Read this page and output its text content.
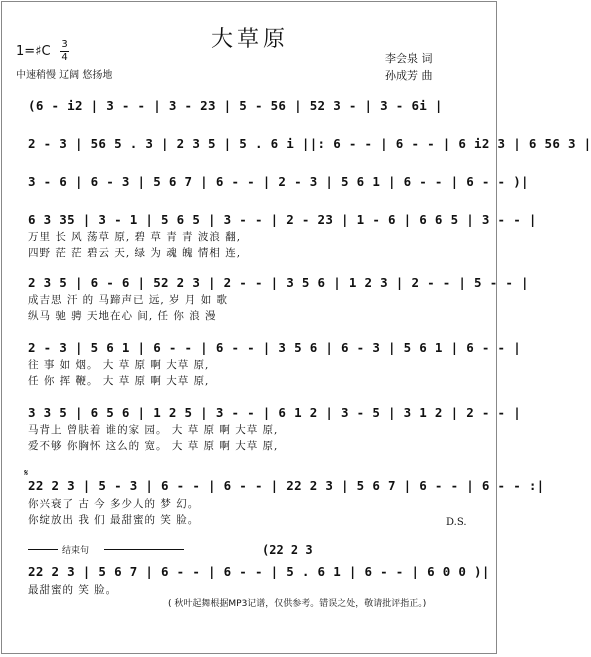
大草原
1=♯C 3
4
中速稍慢 辽阔 悠扬地
李会泉 词
孙成芳 曲
(6 - i2 | 3 - - | 3 - 23 | 5 - 56 | 52 3 - | 3 - 6i |
2 - 3 | 56 5 . 3 | 2 3 5 | 5 . 6 i ||: 6 - - | 6 - - | 6 i2 3 | 6 56 3 |
3 - 6 | 6 - 3 | 5 6 7 | 6 - - | 2 - 3 | 5 6 1 | 6 - - | 6 - - )|
6 3 35 | 3 - 1 | 5 6 5 | 3 - - | 2 - 23 | 1 - 6 | 6 6 5 | 3 - - |
2 3 5 | 6 - 6 | 52 2 3 | 2 - - | 3 5 6 | 1 2 3 | 2 - - | 5 - - |
2 - 3 | 5 6 1 | 6 - - | 6 - - | 3 5 6 | 6 - 3 | 5 6 1 | 6 - - |
3 3 5 | 6 5 6 | 1 2 5 | 3 - - | 6 1 2 | 3 - 5 | 3 1 2 | 2 - - |
22 2 3 | 5 - 3 | 6 - - | 6 - - | 22 2 3 | 5 6 7 | 6 - - | 6 - - :|
22 2 3 | 5 6 7 | 6 - - | 6 - - | 5 . 6 1 | 6 - - | 6 0 0 )|
万里 长 风 荡草 原, 碧 草 青 青 波浪 翻,
四野 茫 茫 碧云 天, 绿 为 魂 魄 情相 连,
成吉思 汗 的 马蹄声已 远, 岁 月 如 歌
纵马 驰 骋 天地在心 间, 任 你 浪 漫
往 事 如 烟。 大 草 原 啊 大草 原,
任 你 挥 鞭。 大 草 原 啊 大草 原,
马背上 曾肤着 谁的家 园。 大 草 原 啊 大草 原,
爱不够 你胸怀 这么的 宽。 大 草 原 啊 大草 原,
你兴衰了 古 今 多少人的 梦 幻。
你绽放出 我 们 最甜蜜的 笑 脸。
最甜蜜的 笑 脸。
𝄋
D.S.
结束句	(22 2 3
( 秋叶起舞根据MP3记谱，仅供参考。错误之处，敬请批评指正。)
